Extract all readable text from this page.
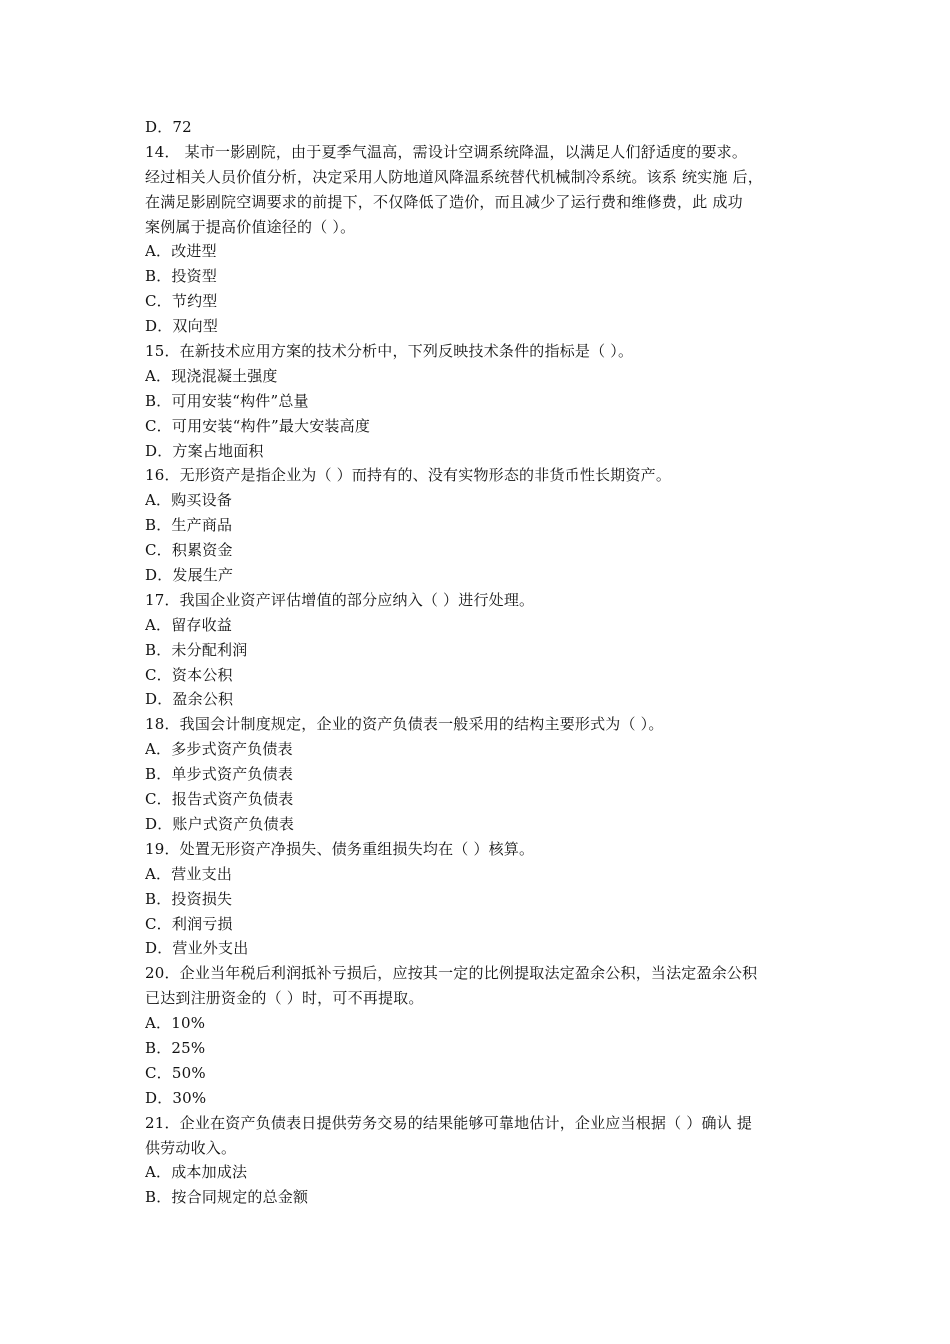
D．72
14． 某市一影剧院，由于夏季气温高，需设计空调系统降温，以满足人们舒适度的要求。
经过相关人员价值分析，决定采用人防地道风降温系统替代机械制冷系统。该系 统实施 后，
在满足影剧院空调要求的前提下，不仅降低了造价，而且减少了运行费和维修费，此 成功
案例属于提高价值途径的（ ）。
A．改进型
B．投资型
C．节约型
D．双向型
15．在新技术应用方案的技术分析中，下列反映技术条件的指标是（ ）。
A．现浇混凝土强度
B．可用安装“构件”总量
C．可用安装“构件”最大安装高度
D．方案占地面积
16．无形资产是指企业为（ ）而持有的、没有实物形态的非货币性长期资产。
A．购买设备
B．生产商品
C．积累资金
D．发展生产
17．我国企业资产评估增值的部分应纳入（ ）进行处理。
A．留存收益
B．未分配利润
C．资本公积
D．盈余公积
18．我国会计制度规定，企业的资产负债表一般采用的结构主要形式为（ ）。
A．多步式资产负债表
B．单步式资产负债表
C．报告式资产负债表
D．账户式资产负债表
19．处置无形资产净损失、债务重组损失均在（ ）核算。
A．营业支出
B．投资损失
C．利润亏损
D．营业外支出
20．企业当年税后利润抵补亏损后，应按其一定的比例提取法定盈余公积，当法定盈余公积
已达到注册资金的（ ）时，可不再提取。
A．10%
B．25%
C．50%
D．30%
21．企业在资产负债表日提供劳务交易的结果能够可靠地估计，企业应当根据（ ）确认 提
供劳动收入。
A．成本加成法
B．按合同规定的总金额
